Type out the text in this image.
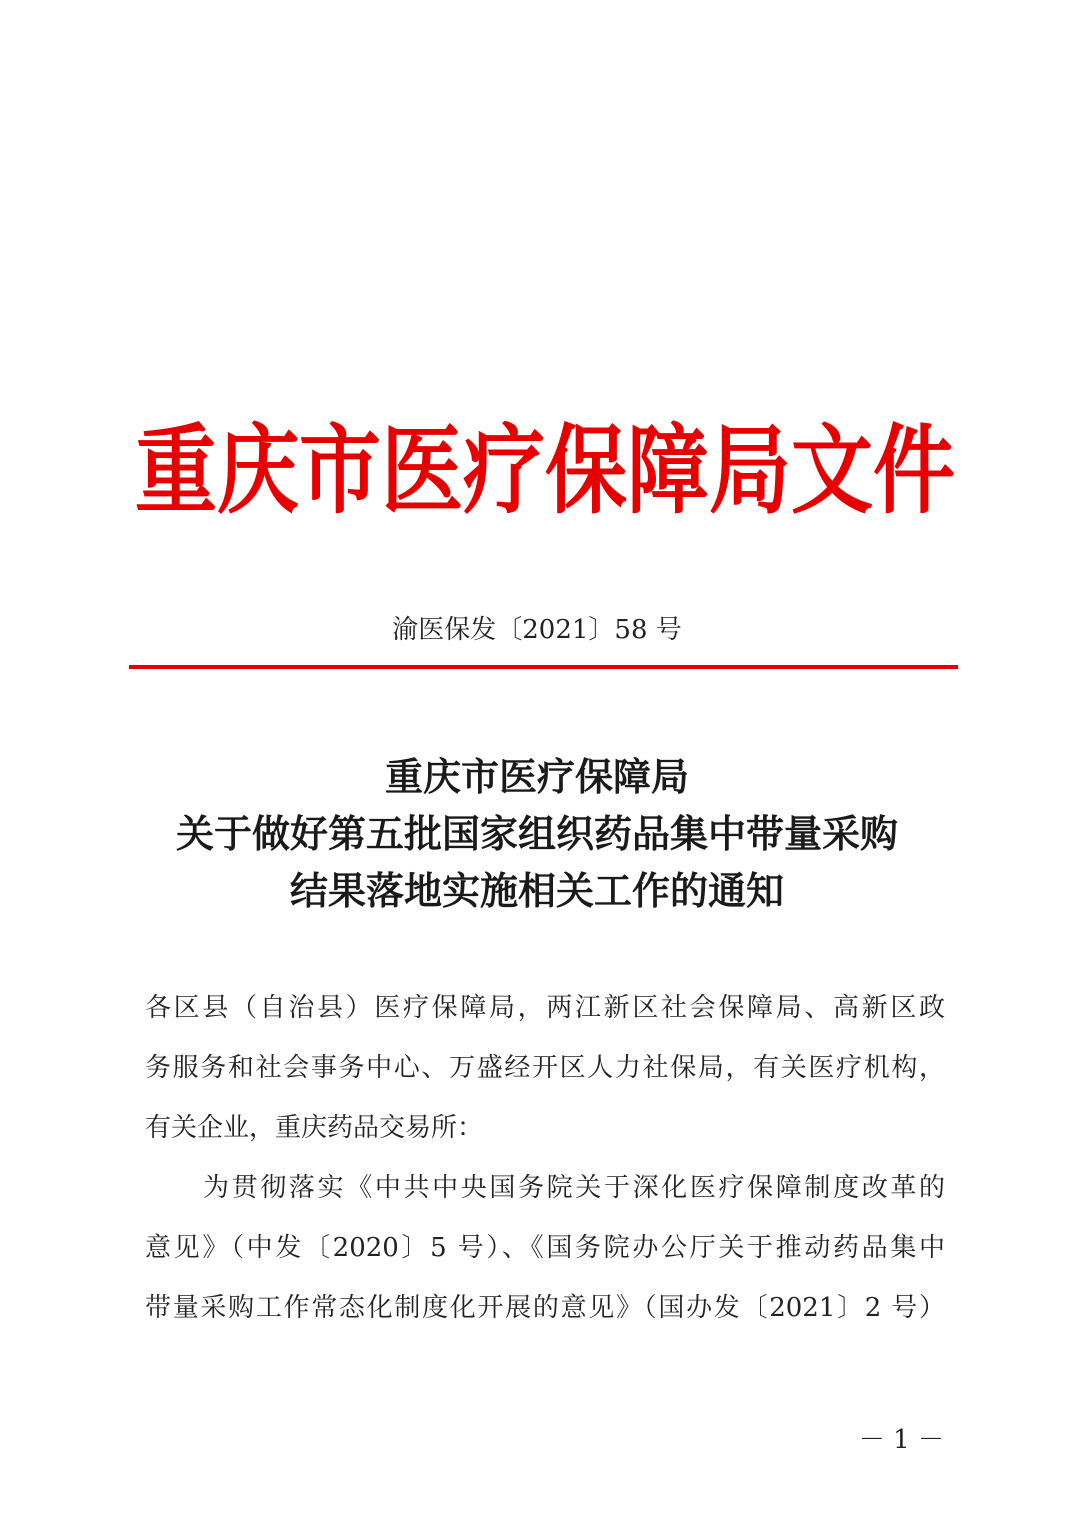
重庆市医疗保障局文件
渝医保发〔2021〕58 号
重庆市医疗保障局
关于做好第五批国家组织药品集中带量采购
结果落地实施相关工作的通知
各区县（自治县）医疗保障局，两江新区社会保障局、高新区政
务服务和社会事务中心、万盛经开区人力社保局，有关医疗机构，
有关企业，重庆药品交易所：
为贯彻落实《中共中央国务院关于深化医疗保障制度改革的
意见》（中发〔2020〕5 号）、《国务院办公厅关于推动药品集中
带量采购工作常态化制度化开展的意见》（国办发〔2021〕2 号）
－ 1 －
